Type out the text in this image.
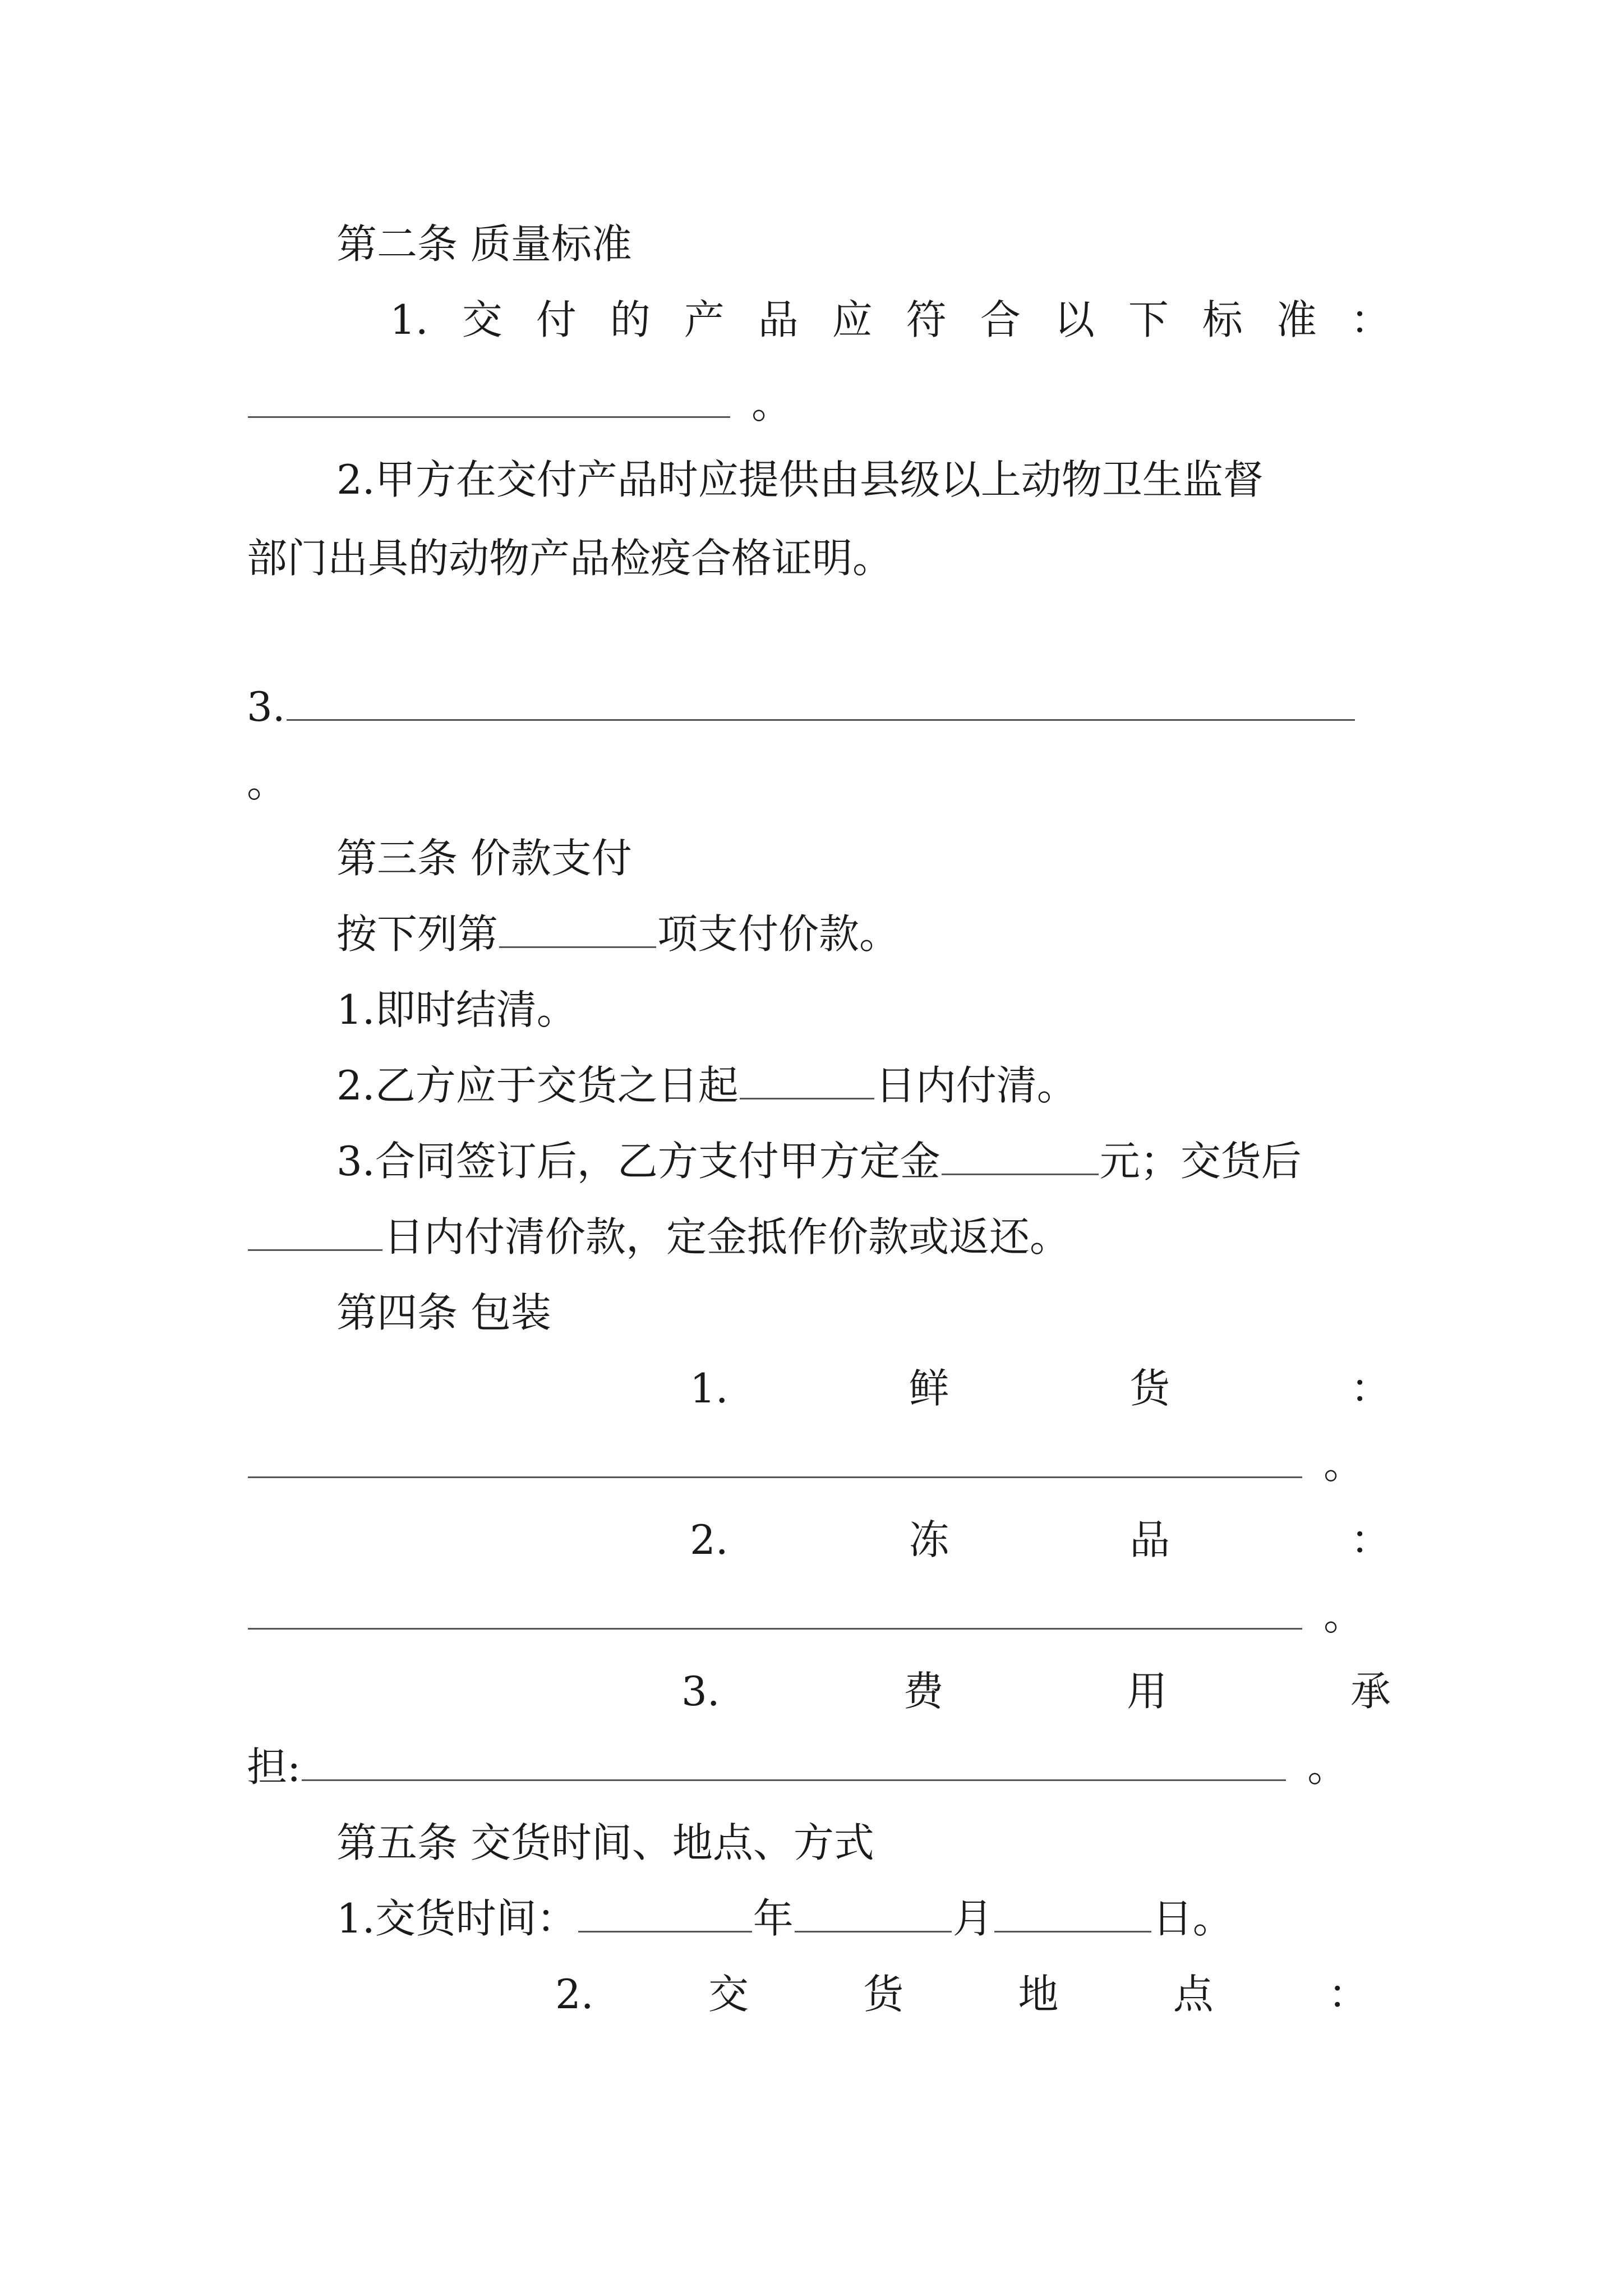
第二条 质量标准
1. 交 付 的 产 品 应 符 合 以 下 标 准 ：
。
2.甲方在交付产品时应提供由县级以上动物卫生监督
部门出具的动物产品检疫合格证明。
3.
。
第三条 价款支付
按下列第	项支付价款。
1.即时结清。
2.乙方应于交货之日起	日内付清。
3.合同签订后，乙方支付甲方定金	元；交货后
日内付清价款，定金抵作价款或返还。
第四条 包装
1.	鲜	货	：
。
2.	冻	品	：
。
3.	费	用	承
担:	。
第五条 交货时间、地点、方式
1.交货时间：	年	月	日。
2.	交	货	地	点	：
